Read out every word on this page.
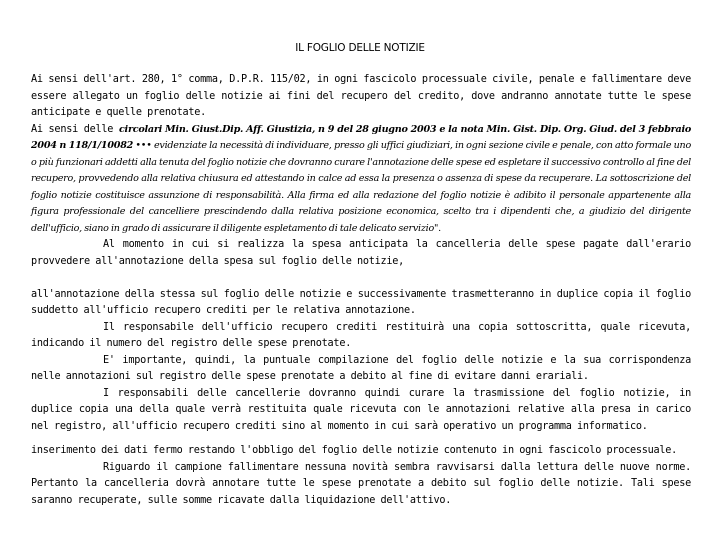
IL FOGLIO DELLE NOTIZIE

Ai sensi dell'art. 280, 1° comma, D.P.R. 115/02, in ogni fascicolo processuale civile, penale e fallimentare deve essere allegato un foglio delle notizie ai fini del recupero del credito, dove andranno annotate tutte le spese anticipate e quelle prenotate.

Ai sensi delle circolari Min. Giust.Dip. Aff. Giustizia, n 9 del 28 giugno 2003 e la nota Min. Gist. Dip. Org. Giud. del 3 febbraio 2004 n 118/1/10082 ••• evidenziate la necessità di individuare, presso gli uffici giudiziari, in ogni sezione civile e penale, con atto formale uno o più funzionari addetti alla tenuta del foglio notizie che dovranno curare l'annotazione delle spese ed espletare il successivo controllo al fine del recupero, provvedendo alla relativa chiusura ed attestando in calce ad essa la presenza o assenza di spese da recuperare. La sottoscrizione del foglio notizie costituisce assunzione di responsabilità. Alla firma ed alla redazione del foglio notizie è adibito il personale appartenente alla figura professionale del cancelliere prescindendo dalla relativa posizione economica, scelto tra i dipendenti che, a giudizio del dirigente dell'ufficio, siano in grado di assicurare il diligente espletamento di tale delicato servizio".

Al momento in cui si realizza la spesa anticipata la cancelleria delle spese pagate dall'erario provvedere all'annotazione della spesa sul foglio delle notizie,

all'annotazione della stessa sul foglio delle notizie e successivamente trasmetteranno in duplice copia il foglio suddetto all'ufficio recupero crediti per le relativa annotazione.

Il responsabile dell'ufficio recupero crediti restituirà una copia sottoscritta, quale ricevuta, indicando il numero del registro delle spese prenotate.

E' importante, quindi, la puntuale compilazione del foglio delle notizie e la sua corrispondenza nelle annotazioni sul registro delle spese prenotate a debito al fine di evitare danni erariali.

I responsabili delle cancellerie dovranno quindi curare la trasmissione del foglio notizie, in duplice copia una della quale verrà restituita quale ricevuta con le annotazioni relative alla presa in carico nel registro, all'ufficio recupero crediti sino al momento in cui sarà operativo un programma informatico.

inserimento dei dati fermo restando l'obbligo del foglio delle notizie contenuto in ogni fascicolo processuale.

Riguardo il campione fallimentare nessuna novità sembra ravvisarsi dalla lettura delle nuove norme. Pertanto la cancelleria dovrà annotare tutte le spese prenotate a debito sul foglio delle notizie. Tali spese saranno recuperate, sulle somme ricavate dalla liquidazione dell'attivo.
